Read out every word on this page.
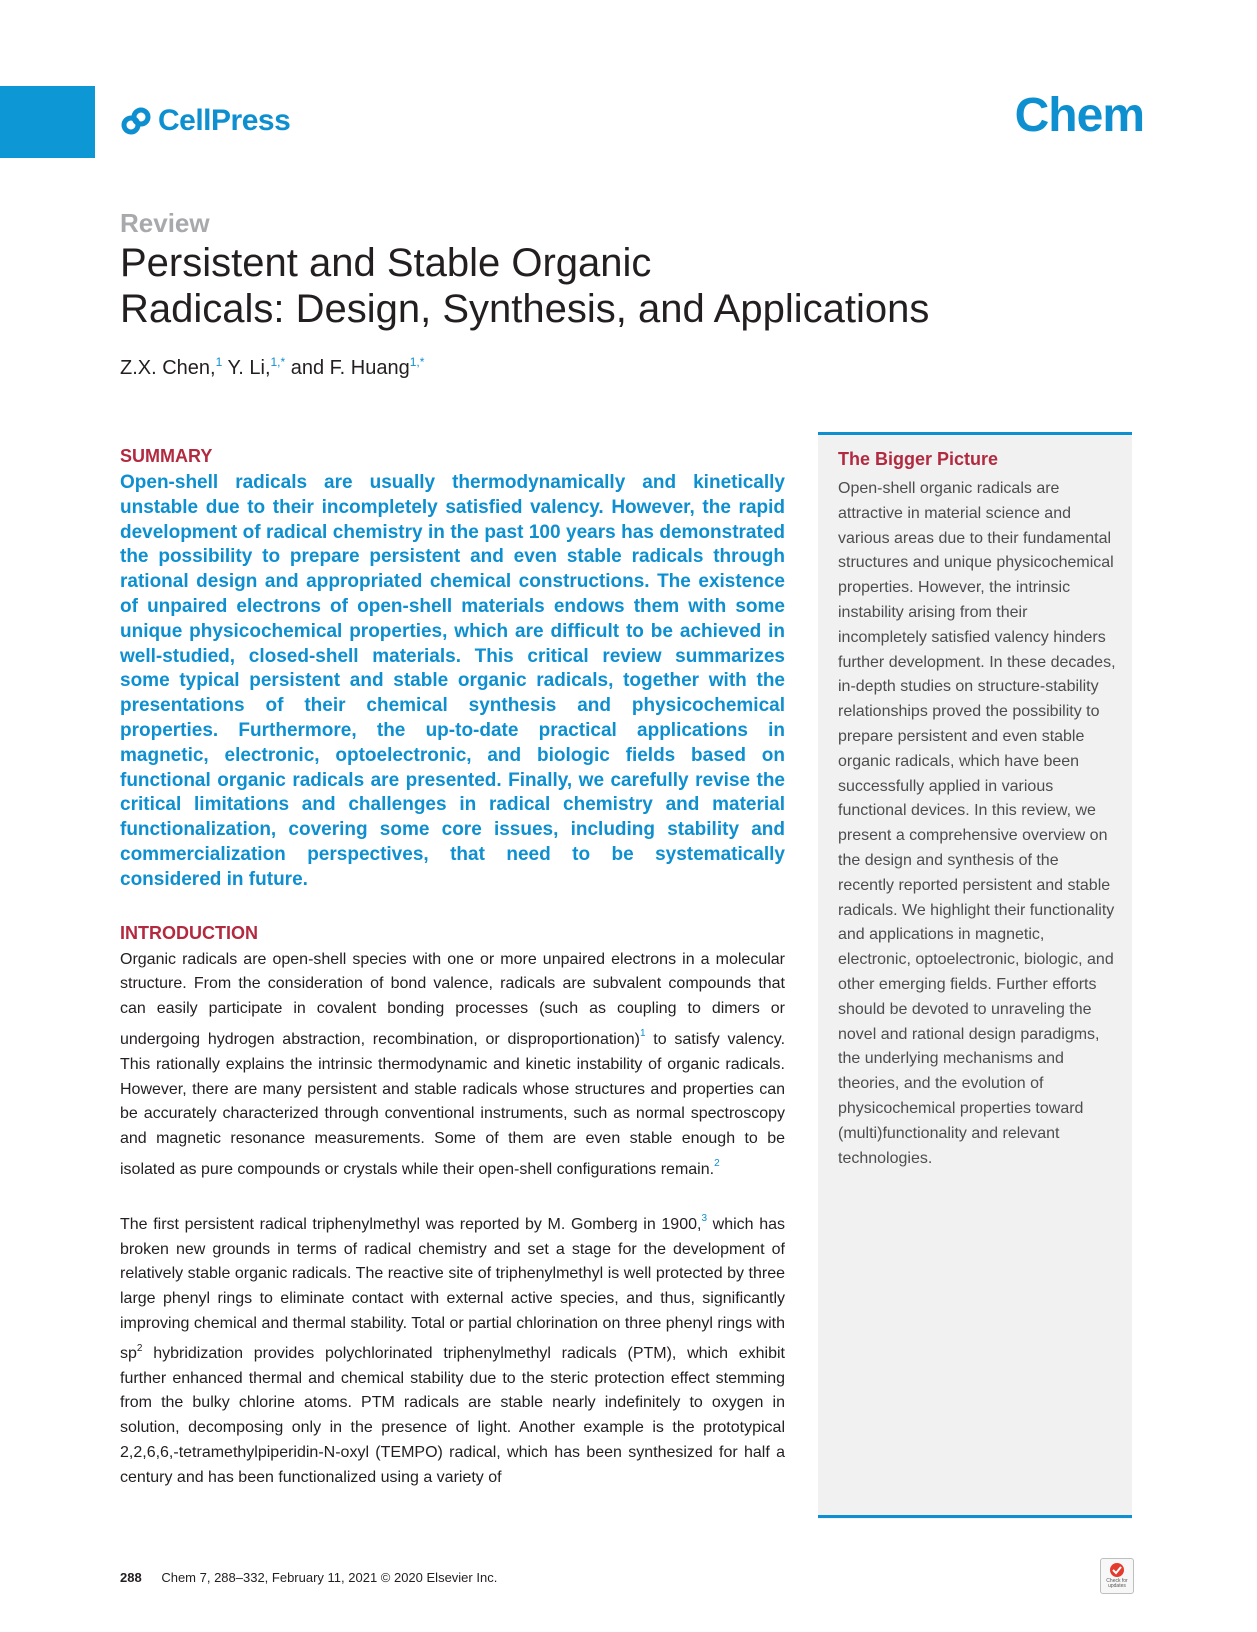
CellPress	Chem
Review
Persistent and Stable Organic
Radicals: Design, Synthesis, and Applications
Z.X. Chen,$^1$ Y. Li,$^{1,*}$ and F. Huang$^{1,*}$
SUMMARY

Open-shell radicals are usually thermodynamically and kinetically unstable due to their incompletely satisfied valency. However, the rapid development of radical chemistry in the past 100 years has demonstrated the possibility to prepare persistent and even stable radicals through rational design and appropriated chemical constructions. The existence of unpaired electrons of open-shell materials endows them with some unique physicochemical properties, which are difficult to be achieved in well-studied, closed-shell materials. This critical review summarizes some typical persistent and stable organic radicals, together with the presentations of their chemical synthesis and physicochemical properties. Furthermore, the up-to-date practical applications in magnetic, electronic, optoelectronic, and biologic fields based on functional organic radicals are presented. Finally, we carefully revise the critical limitations and challenges in radical chemistry and material functionalization, covering some core issues, including stability and commercialization perspectives, that need to be systematically considered in future.

INTRODUCTION

Organic radicals are open-shell species with one or more unpaired electrons in a molecular structure. From the consideration of bond valence, radicals are subvalent compounds that can easily participate in covalent bonding processes (such as coupling to dimers or undergoing hydrogen abstraction, recombination, or disproportionation)$^1$ to satisfy valency. This rationally explains the intrinsic thermodynamic and kinetic instability of organic radicals. However, there are many persistent and stable radicals whose structures and properties can be accurately characterized through conventional instruments, such as normal spectroscopy and magnetic resonance measurements. Some of them are even stable enough to be isolated as pure compounds or crystals while their open-shell configurations remain.$^2$

The first persistent radical triphenylmethyl was reported by M. Gomberg in 1900,$^3$ which has broken new grounds in terms of radical chemistry and set a stage for the development of relatively stable organic radicals. The reactive site of triphenylmethyl is well protected by three large phenyl rings to eliminate contact with external active species, and thus, significantly improving chemical and thermal stability. Total or partial chlorination on three phenyl rings with $sp^2$ hybridization provides polychlorinated triphenylmethyl radicals (PTM), which exhibit further enhanced thermal and chemical stability due to the steric protection effect stemming from the bulky chlorine atoms. PTM radicals are stable nearly indefinitely to oxygen in solution, decomposing only in the presence of light. Another example is the prototypical 2,2,6,6,-tetramethylpiperidin-N-oxyl (TEMPO) radical, which has been synthesized for half a century and has been functionalized using a variety of

The Bigger Picture

Open-shell organic radicals are attractive in material science and various areas due to their fundamental structures and unique physicochemical properties. However, the intrinsic instability arising from their incompletely satisfied valency hinders further development. In these decades, in-depth studies on structure-stability relationships proved the possibility to prepare persistent and even stable organic radicals, which have been successfully applied in various functional devices. In this review, we present a comprehensive overview on the design and synthesis of the recently reported persistent and stable radicals. We highlight their functionality and applications in magnetic, electronic, optoelectronic, biologic, and other emerging fields. Further efforts should be devoted to unraveling the novel and rational design paradigms, the underlying mechanisms and theories, and the evolution of physicochemical properties toward (multi)functionality and relevant technologies.

288 Chem 7, 288–332, February 11, 2021 © 2020 Elsevier Inc.	Check for updates
